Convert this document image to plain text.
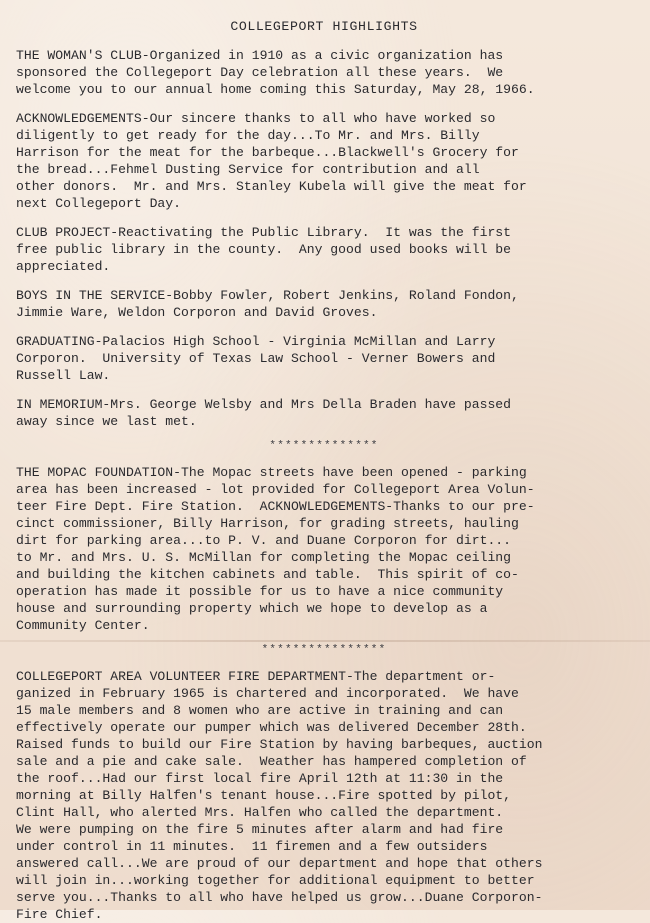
COLLEGEPORT HIGHLIGHTS
THE WOMAN'S CLUB-Organized in 1910 as a civic organization has
sponsored the Collegeport Day celebration all these years.  We
welcome you to our annual home coming this Saturday, May 28, 1966.
ACKNOWLEDGEMENTS-Our sincere thanks to all who have worked so
diligently to get ready for the day...To Mr. and Mrs. Billy
Harrison for the meat for the barbeque...Blackwell's Grocery for
the bread...Fehmel Dusting Service for contribution and all
other donors.  Mr. and Mrs. Stanley Kubela will give the meat for
next Collegeport Day.
CLUB PROJECT-Reactivating the Public Library.  It was the first
free public library in the county.  Any good used books will be
appreciated.
BOYS IN THE SERVICE-Bobby Fowler, Robert Jenkins, Roland Fondon,
Jimmie Ware, Weldon Corporon and David Groves.
GRADUATING-Palacios High School - Virginia McMillan and Larry
Corporon.  University of Texas Law School - Verner Bowers and
Russell Law.
IN MEMORIUM-Mrs. George Welsby and Mrs Della Braden have passed
away since we last met.
**************
THE MOPAC FOUNDATION-The Mopac streets have been opened - parking
area has been increased - lot provided for Collegeport Area Volun-
teer Fire Dept. Fire Station.  ACKNOWLEDGEMENTS-Thanks to our pre-
cinct commissioner, Billy Harrison, for grading streets, hauling
dirt for parking area...to P. V. and Duane Corporon for dirt...
to Mr. and Mrs. U. S. McMillan for completing the Mopac ceiling
and building the kitchen cabinets and table.  This spirit of co-
operation has made it possible for us to have a nice community
house and surrounding property which we hope to develop as a
Community Center.
****************
COLLEGEPORT AREA VOLUNTEER FIRE DEPARTMENT-The department or-
ganized in February 1965 is chartered and incorporated.  We have
15 male members and 8 women who are active in training and can
effectively operate our pumper which was delivered December 28th.
Raised funds to build our Fire Station by having barbeques, auction
sale and a pie and cake sale.  Weather has hampered completion of
the roof...Had our first local fire April 12th at 11:30 in the
morning at Billy Halfen's tenant house...Fire spotted by pilot,
Clint Hall, who alerted Mrs. Halfen who called the department.
We were pumping on the fire 5 minutes after alarm and had fire
under control in 11 minutes.  11 firemen and a few outsiders
answered call...We are proud of our department and hope that others
will join in...working together for additional equipment to better
serve you...Thanks to all who have helped us grow...Duane Corporon-
Fire Chief.
